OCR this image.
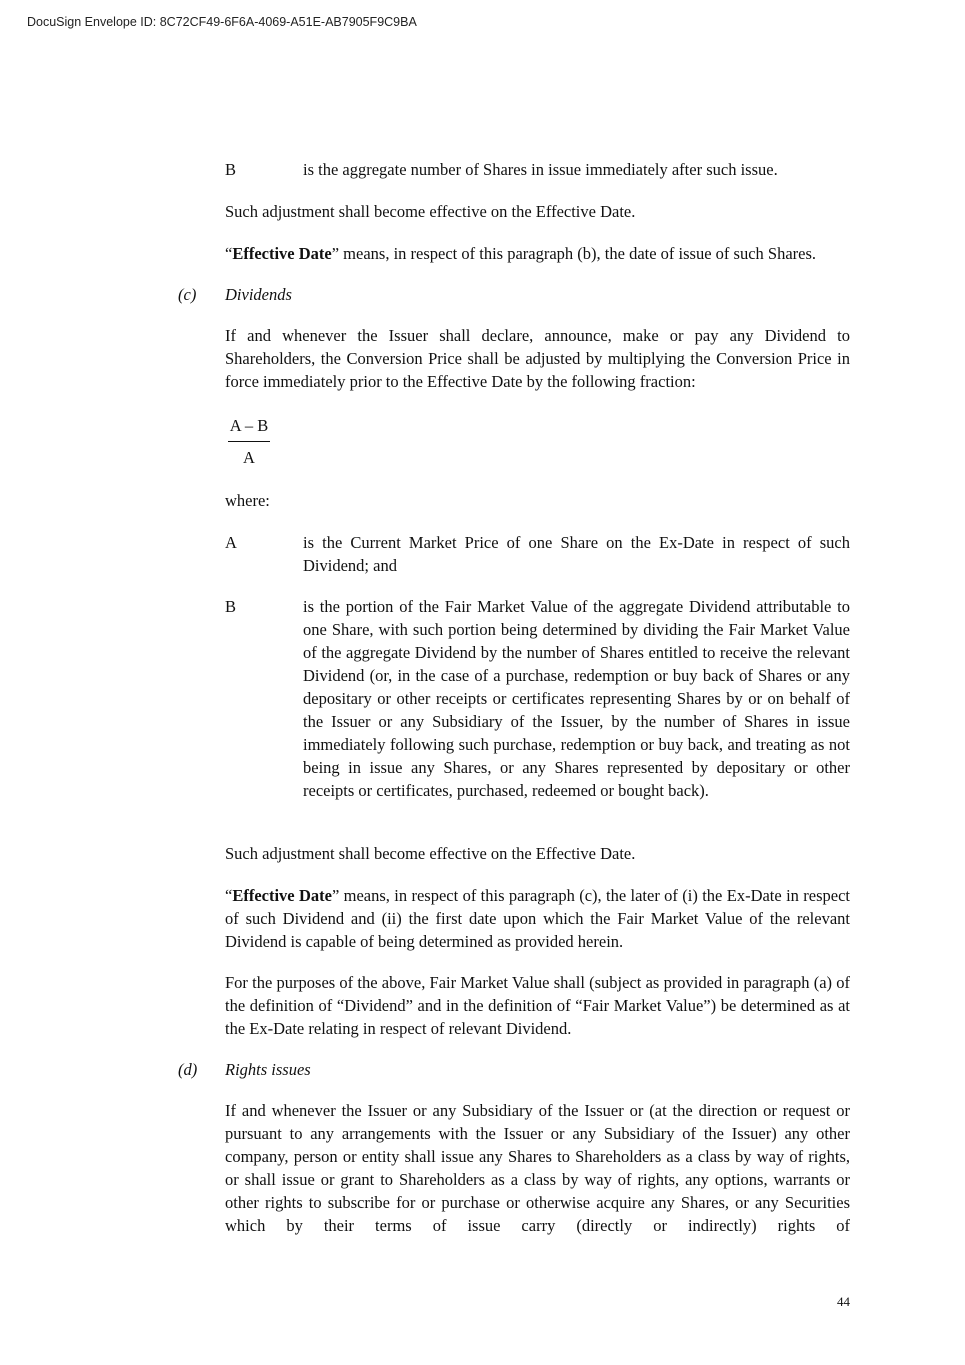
DocuSign Envelope ID: 8C72CF49-6F6A-4069-A51E-AB7905F9C9BA
B	is the aggregate number of Shares in issue immediately after such issue.
Such adjustment shall become effective on the Effective Date.
“Effective Date” means, in respect of this paragraph (b), the date of issue of such Shares.
(c) Dividends
If and whenever the Issuer shall declare, announce, make or pay any Dividend to Shareholders, the Conversion Price shall be adjusted by multiplying the Conversion Price in force immediately prior to the Effective Date by the following fraction:
$\frac{A - B}{A}$
where:
A	is the Current Market Price of one Share on the Ex-Date in respect of such Dividend; and
B	is the portion of the Fair Market Value of the aggregate Dividend attributable to one Share, with such portion being determined by dividing the Fair Market Value of the aggregate Dividend by the number of Shares entitled to receive the relevant Dividend (or, in the case of a purchase, redemption or buy back of Shares or any depositary or other receipts or certificates representing Shares by or on behalf of the Issuer or any Subsidiary of the Issuer, by the number of Shares in issue immediately following such purchase, redemption or buy back, and treating as not being in issue any Shares, or any Shares represented by depositary or other receipts or certificates, purchased, redeemed or bought back).
Such adjustment shall become effective on the Effective Date.
“Effective Date” means, in respect of this paragraph (c), the later of (i) the Ex-Date in respect of such Dividend and (ii) the first date upon which the Fair Market Value of the relevant Dividend is capable of being determined as provided herein.
For the purposes of the above, Fair Market Value shall (subject as provided in paragraph (a) of the definition of “Dividend” and in the definition of “Fair Market Value”) be determined as at the Ex-Date relating in respect of relevant Dividend.
(d) Rights issues
If and whenever the Issuer or any Subsidiary of the Issuer or (at the direction or request or pursuant to any arrangements with the Issuer or any Subsidiary of the Issuer) any other company, person or entity shall issue any Shares to Shareholders as a class by way of rights, or shall issue or grant to Shareholders as a class by way of rights, any options, warrants or other rights to subscribe for or purchase or otherwise acquire any Shares, or any Securities which by their terms of issue carry (directly or indirectly) rights of
44
